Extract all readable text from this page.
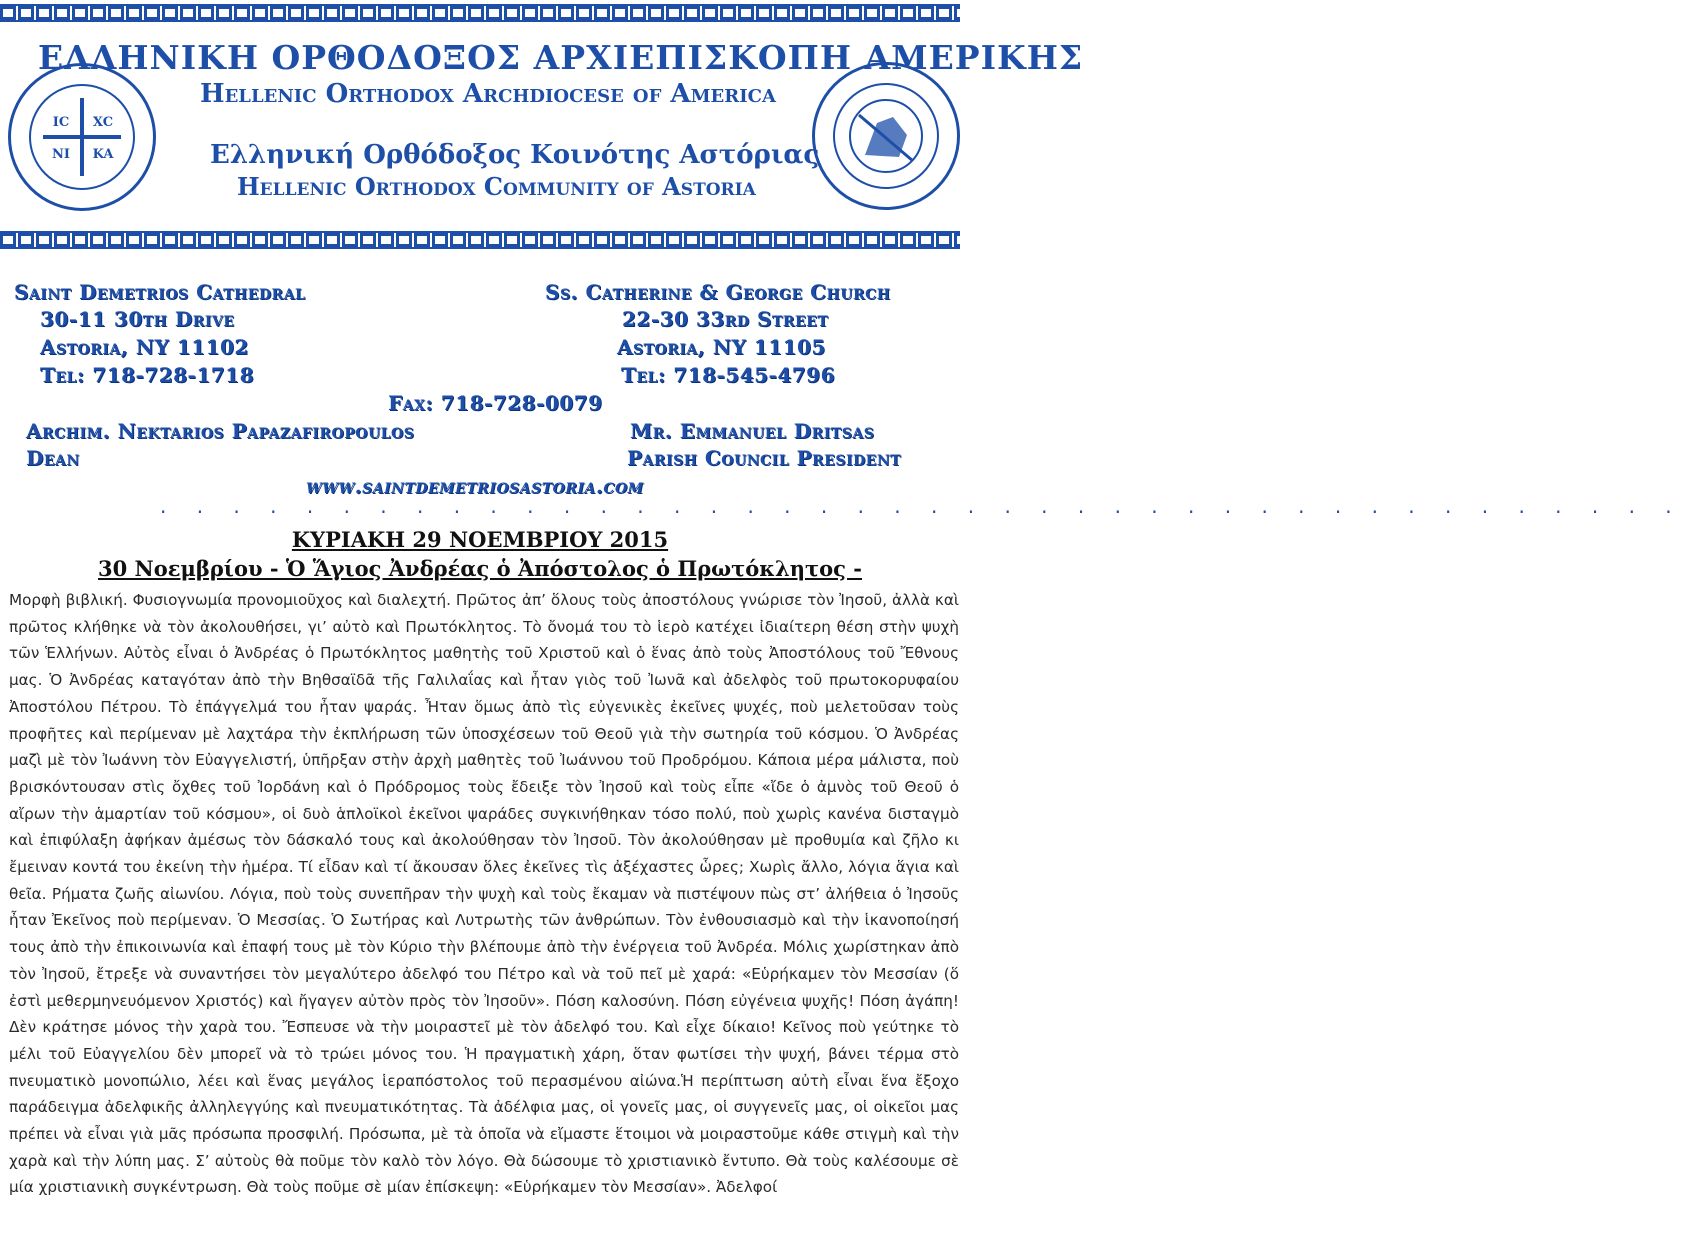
IC XC
NI KA
ΕΛΛΗΝΙΚΗ ΟΡΘΟΔΟΞΟΣ ΑΡΧΙΕΠΙΣΚΟΠΗ ΑΜΕΡΙΚΗΣ
Hellenic Orthodox Archdiocese of America
Ελληνική Ορθόδοξος Κοινότης Αστόριας
Hellenic Orthodox Community of Astoria
Saint Demetrios Cathedral
30-11 30th Drive
Astoria, NY 11102
Tel: 718-728-1718
Ss. Catherine & George Church
22-30 33rd Street
Astoria, NY 11105
Tel: 718-545-4796
Fax: 718-728-0079
Archim. Nektarios Papazafiropoulos
Dean
Mr. Emmanuel Dritsas
Parish Council President
www.saintdemetriosastoria.com
. . . . . . . . . . . . . . . . . . . . . . . . . . . . . . . . . . . . . . . . . .
ΚΥΡΙΑΚΗ 29 ΝΟΕΜΒΡΙΟΥ 2015
30 Νοεμβρίου - Ὁ Ἅγιος Ἀνδρέας ὁ Ἀπόστολος ὁ Πρωτόκλητος -

Μορφὴ βιβλική. Φυσιογνωμία προνομιοῦχος καὶ διαλεχτή. Πρῶτος ἀπ’ ὅλους τοὺς ἀποστόλους γνώρισε τὸν Ἰησοῦ, ἀλλὰ καὶ πρῶτος κλήθηκε νὰ τὸν ἀκολουθήσει, γι’ αὐτὸ καὶ Πρωτόκλητος. Τὸ ὄνομά του τὸ ἱερὸ κατέχει ἰδιαίτερη θέση στὴν ψυχὴ τῶν Ἑλλήνων. Αὐτὸς εἶναι ὁ Ἀνδρέας ὁ Πρωτόκλητος μαθητὴς τοῦ Χριστοῦ καὶ ὁ ἕνας ἀπὸ τοὺς Ἀποστόλους τοῦ Ἔθνους μας. Ὁ Ἀνδρέας καταγόταν ἀπὸ τὴν Βηθσαϊδᾶ τῆς Γαλιλαΐας καὶ ἦταν γιὸς τοῦ Ἰωνᾶ καὶ ἀδελφὸς τοῦ πρωτοκορυφαίου Ἀποστόλου Πέτρου. Τὸ ἐπάγγελμά του ἦταν ψαράς. Ἦταν ὅμως ἀπὸ τὶς εὐγενικὲς ἐκεῖνες ψυχές, ποὺ μελετοῦσαν τοὺς προφῆτες καὶ περίμεναν μὲ λαχτάρα τὴν ἐκπλήρωση τῶν ὑποσχέσεων τοῦ Θεοῦ γιὰ τὴν σωτηρία τοῦ κόσμου. Ὁ Ἀνδρέας μαζὶ μὲ τὸν Ἰωάννη τὸν Εὐαγγελιστή, ὑπῆρξαν στὴν ἀρχὴ μαθητὲς τοῦ Ἰωάννου τοῦ Προδρόμου. Κάποια μέρα μάλιστα, ποὺ βρισκόντουσαν στὶς ὄχθες τοῦ Ἰορδάνη καὶ ὁ Πρόδρομος τοὺς ἔδειξε τὸν Ἰησοῦ καὶ τοὺς εἶπε «ἴδε ὁ ἀμνὸς τοῦ Θεοῦ ὁ αἴρων τὴν ἁμαρτίαν τοῦ κόσμου», οἱ δυὸ ἁπλοϊκοὶ ἐκεῖνοι ψαράδες συγκινήθηκαν τόσο πολύ, ποὺ χωρὶς κανένα δισταγμὸ καὶ ἐπιφύλαξη ἀφήκαν ἀμέσως τὸν δάσκαλό τους καὶ ἀκολούθησαν τὸν Ἰησοῦ. Τὸν ἀκολούθησαν μὲ προθυμία καὶ ζῆλο κι ἔμειναν κοντά του ἐκείνη τὴν ἡμέρα. Τί εἶδαν καὶ τί ἄκουσαν ὅλες ἐκεῖνες τὶς ἀξέχαστες ὧρες; Χωρὶς ἄλλο, λόγια ἅγια καὶ θεῖα. Ρήματα ζωῆς αἰωνίου. Λόγια, ποὺ τοὺς συνεπῆραν τὴν ψυχὴ καὶ τοὺς ἔκαμαν νὰ πιστέψουν πὼς στ’ ἀλήθεια ὁ Ἰησοῦς ἦταν Ἐκεῖνος ποὺ περίμεναν. Ὁ Μεσσίας. Ὁ Σωτήρας καὶ Λυτρωτὴς τῶν ἀνθρώπων. Τὸν ἐνθουσιασμὸ καὶ τὴν ἱκανοποίησή τους ἀπὸ τὴν ἐπικοινωνία καὶ ἐπαφή τους μὲ τὸν Κύριο τὴν βλέπουμε ἀπὸ τὴν ἐνέργεια τοῦ Ἀνδρέα. Μόλις χωρίστηκαν ἀπὸ τὸν Ἰησοῦ, ἔτρεξε νὰ συναντήσει τὸν μεγαλύτερο ἀδελφό του Πέτρο καὶ νὰ τοῦ πεῖ μὲ χαρά: «Εὑρήκαμεν τὸν Μεσσίαν (ὅ ἐστὶ μεθερμηνευόμενον Χριστός) καὶ ἤγαγεν αὐτὸν πρὸς τὸν Ἰησοῦν». Πόση καλοσύνη. Πόση εὐγένεια ψυχῆς! Πόση ἀγάπη! Δὲν κράτησε μόνος τὴν χαρὰ του. Ἔσπευσε νὰ τὴν μοιραστεῖ μὲ τὸν ἀδελφό του. Καὶ εἶχε δίκαιο! Κεῖνος ποὺ γεύτηκε τὸ μέλι τοῦ Εὐαγγελίου δὲν μπορεῖ νὰ τὸ τρώει μόνος του. Ἡ πραγματικὴ χάρη, ὅταν φωτίσει τὴν ψυχή, βάνει τέρμα στὸ πνευματικὸ μονοπώλιο, λέει καὶ ἕνας μεγάλος ἱεραπόστολος τοῦ περασμένου αἰώνα.Ἡ περίπτωση αὐτὴ εἶναι ἕνα ἔξοχο παράδειγμα ἀδελφικῆς ἀλληλεγγύης καὶ πνευματικότητας. Τὰ ἀδέλφια μας, οἱ γονεῖς μας, οἱ συγγενεῖς μας, οἱ οἰκεῖοι μας πρέπει νὰ εἶναι γιὰ μᾶς πρόσωπα προσφιλή. Πρόσωπα, μὲ τὰ ὁποῖα νὰ εἴμαστε ἕτοιμοι νὰ μοιραστοῦμε κάθε στιγμὴ καὶ τὴν χαρὰ καὶ τὴν λύπη μας. Σ’ αὐτοὺς θὰ ποῦμε τὸν καλὸ τὸν λόγο. Θὰ δώσουμε τὸ χριστιανικὸ ἔντυπο. Θὰ τοὺς καλέσουμε σὲ μία χριστιανικὴ συγκέντρωση. Θὰ τοὺς ποῦμε σὲ μίαν ἐπίσκεψη: «Εὑρήκαμεν τὸν Μεσσίαν». Ἀδελφοί
